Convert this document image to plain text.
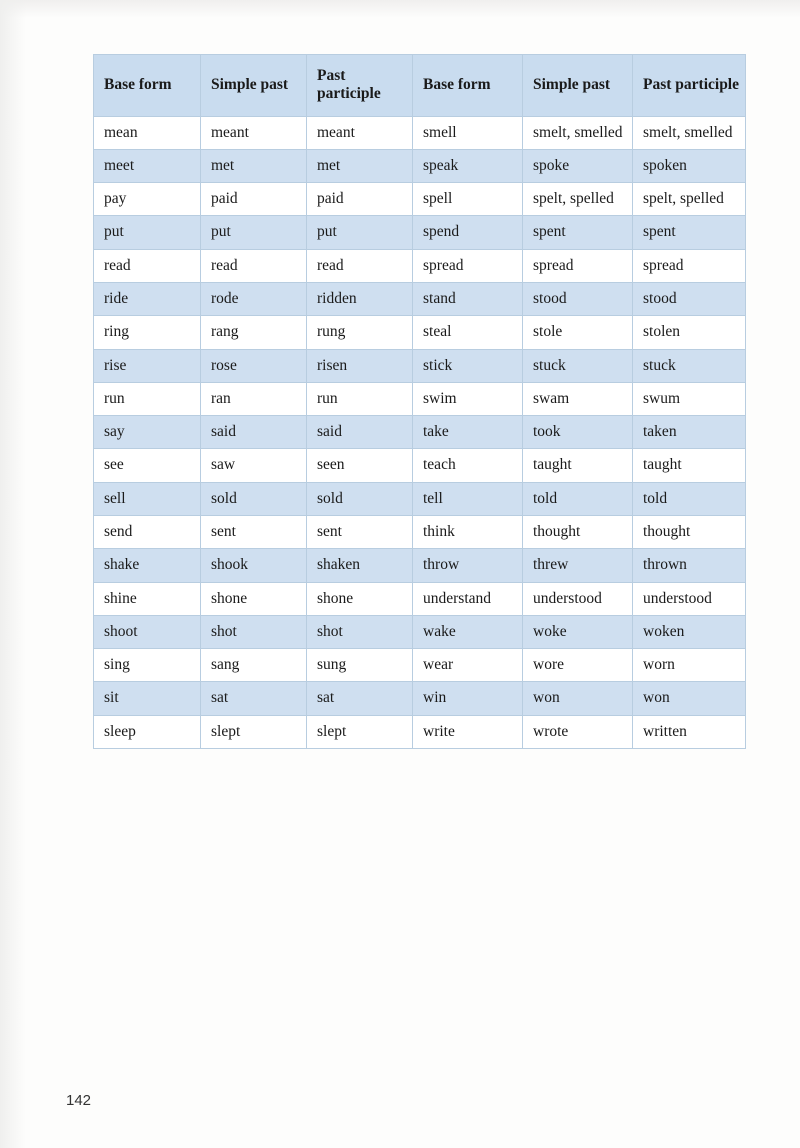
Base form	Simple past	Past participle	Base form	Simple past	Past participle
mean	meant	meant	smell	smelt, smelled	smelt, smelled
meet	met	met	speak	spoke	spoken
pay	paid	paid	spell	spelt, spelled	spelt, spelled
put	put	put	spend	spent	spent
read	read	read	spread	spread	spread
ride	rode	ridden	stand	stood	stood
ring	rang	rung	steal	stole	stolen
rise	rose	risen	stick	stuck	stuck
run	ran	run	swim	swam	swum
say	said	said	take	took	taken
see	saw	seen	teach	taught	taught
sell	sold	sold	tell	told	told
send	sent	sent	think	thought	thought
shake	shook	shaken	throw	threw	thrown
shine	shone	shone	understand	understood	understood
shoot	shot	shot	wake	woke	woken
sing	sang	sung	wear	wore	worn
sit	sat	sat	win	won	won
sleep	slept	slept	write	wrote	written
142
